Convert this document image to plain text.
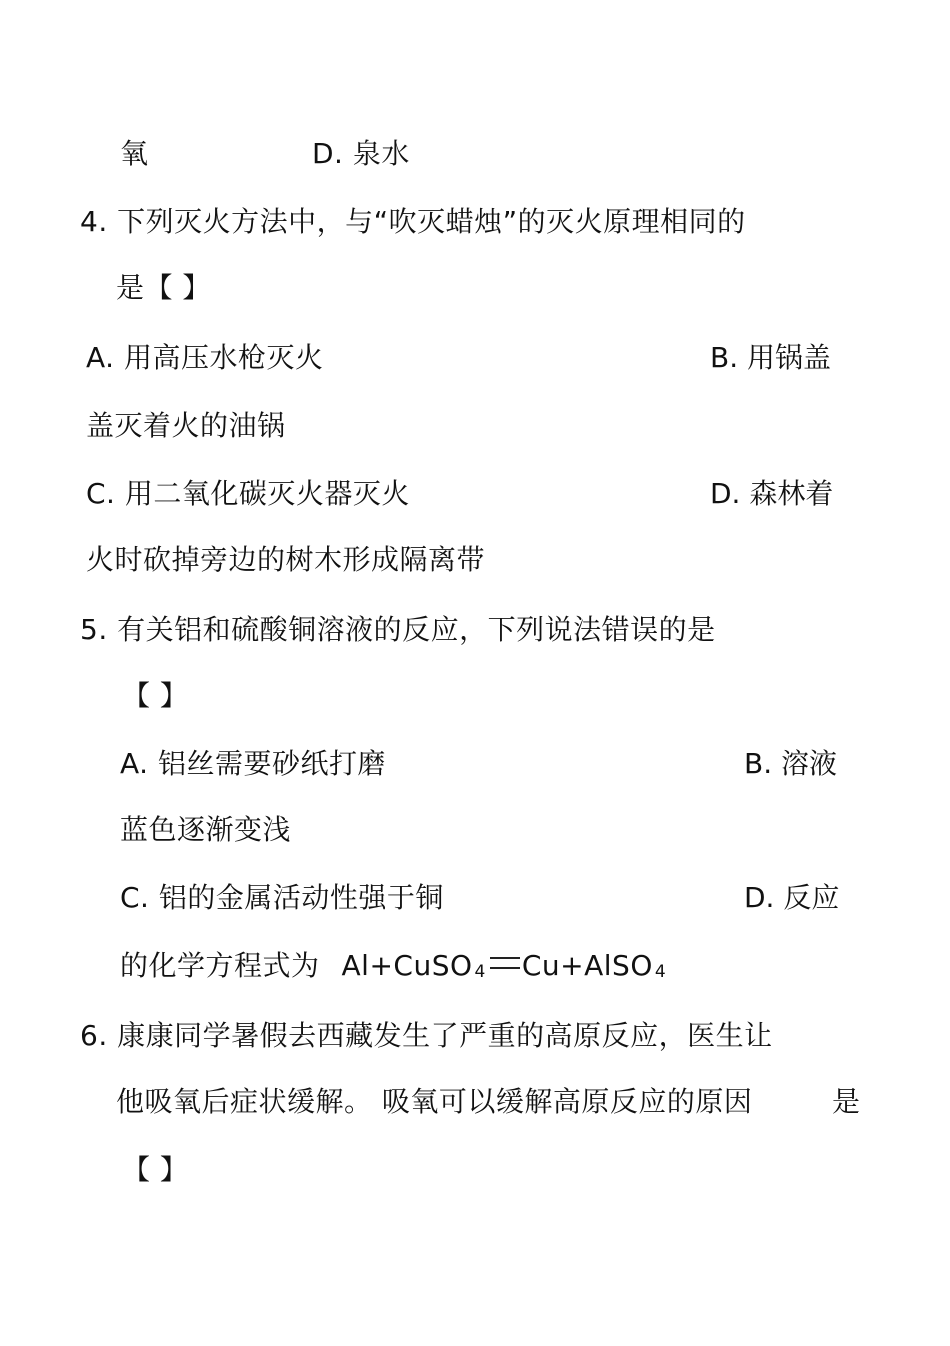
氧	D. 泉水
4. 下列灭火方法中，与“吹灭蜡烛”的灭火原理相同的
是【 】
A. 用高压水枪灭火	B. 用锅盖
盖灭着火的油锅
C. 用二氧化碳灭火器灭火	D. 森林着
火时砍掉旁边的树木形成隔离带
5. 有关铝和硫酸铜溶液的反应，下列说法错误的是
【 】
A. 铝丝需要砂纸打磨	B. 溶液
蓝色逐渐变浅
C. 铝的金属活动性强于铜	D. 反应
的化学方程式为 Al+CuSO 4 Cu+AlSO 4
6. 康康同学暑假去西藏发生了严重的高原反应，医生让
他吸氧后症状缓解。 吸氧可以缓解高原反应的原因	是
【 】
